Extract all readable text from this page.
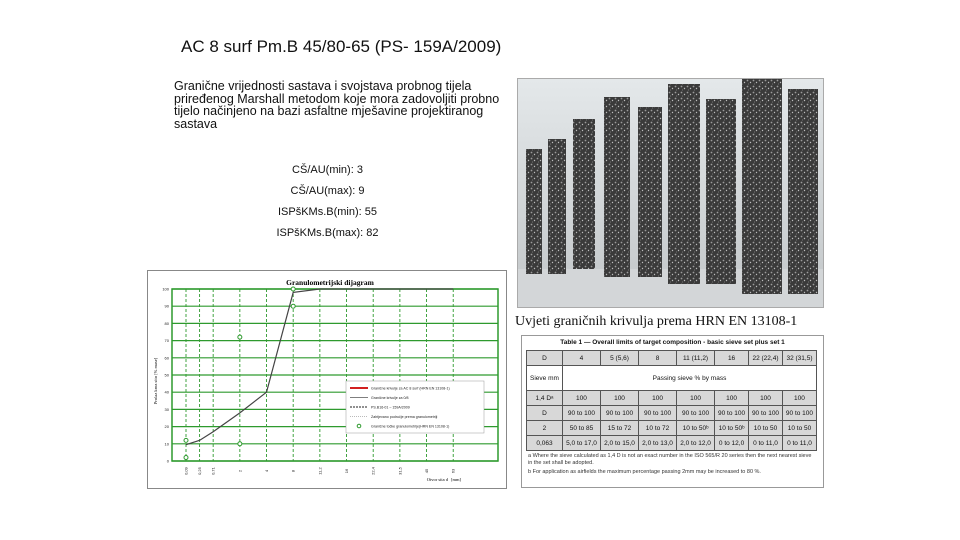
AC 8 surf Pm.B 45/80-65 (PS- 159A/2009)
Granične vrijednosti sastava i svojstava probnog tijela priređenog Marshall metodom koje mora zadovoljiti probno tijelo načinjeno na bazi asfaltne mješavine projektiranog sastava
CŠ/AU(min): 3
CŠ/AU(max): 9
ISPšKMs.B(min): 55
ISPšKMs.B(max): 82
Uvjeti graničnih krivulja prema HRN EN 13108-1
Granulometrijski dijagram
Prolaz kroz sito [% mase]
0
10
20
30
40
50
60
70
80
90
100
0,09 0,25 0,71	2	4	8	11,2	16	22,4	31,5	45	63
Granične krivulje za AC 8 surf (HRN EN 13108-1)
Granične krivulje za 0/8
PS.B16-01 – 159A/2009
Zahtjevano područje prema granulometriji
Granične točke granulometrije(HRN EN 13108-1)
Otvor sita d [mm]
Table 1 — Overall limits of target composition - basic sieve set plus set 1
D	4	5 (5,6)	8	11 (11,2)	16	22 (22,4)	32 (31,5)
Sieve mm	Passing sieve % by mass						
1,4 Dᵃ	100	100	100	100	100	100	100
D	90 to 100	90 to 100	90 to 100	90 to 100	90 to 100	90 to 100	90 to 100
2	50 to 85	15 to 72	10 to 72	10 to 50ᵇ	10 to 50ᵇ	10 to 50	10 to 50
0,063	5,0 to 17,0	2,0 to 15,0	2,0 to 13,0	2,0 to 12,0	0 to 12,0	0 to 11,0	0 to 11,0
a Where the sieve calculated as 1,4 D is not an exact number in the ISO 565/R 20 series then the next nearest sieve in the set shall be adopted.
b For application as airfields the maximum percentage passing 2mm may be increased to 80 %.
